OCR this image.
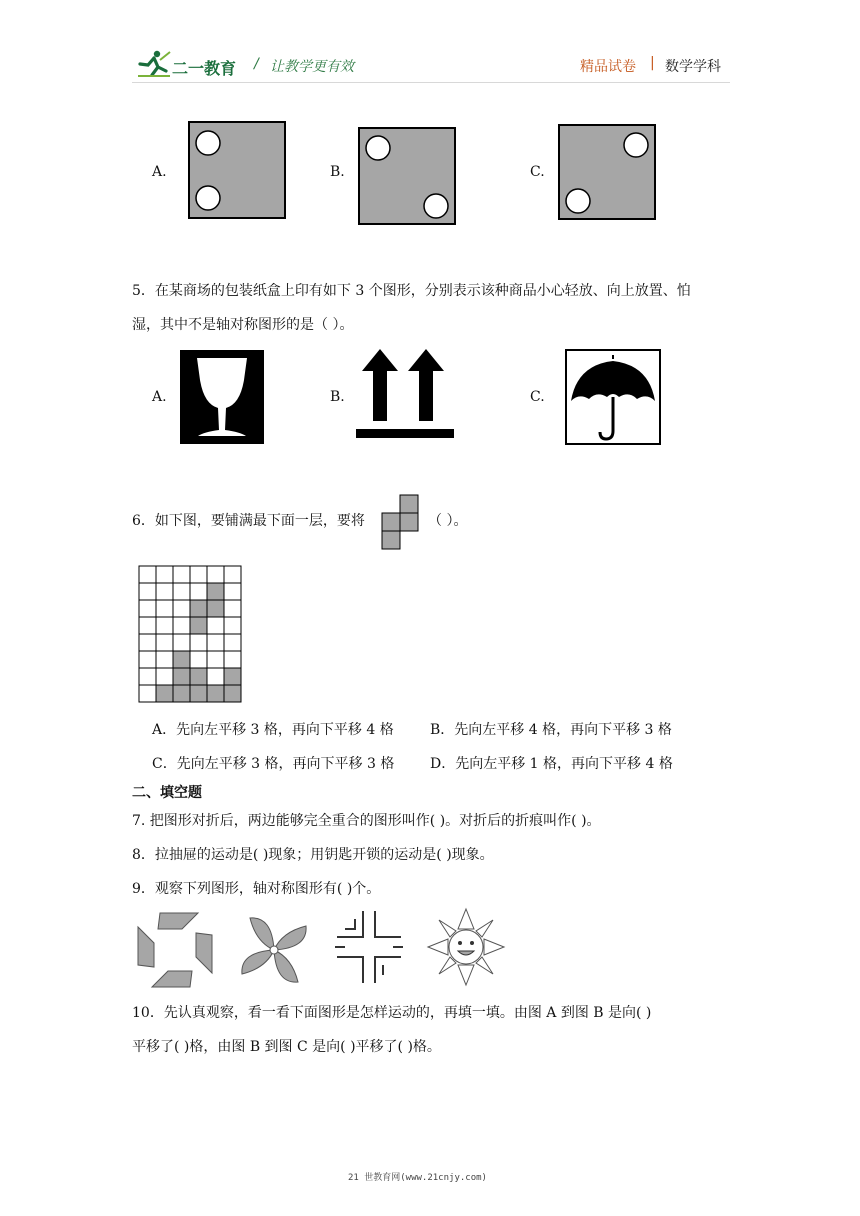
二一教育 / 让教学更有效	精品试卷 | 数学学科
A.	B.	C.
5．在某商场的包装纸盒上印有如下 3 个图形，分别表示该种商品小心轻放、向上放置、怕
湿，其中不是轴对称图形的是（ ）。
A.	B.	C.
6．如下图，要铺满最下面一层，要将	（ ）。
A．先向左平移 3 格，再向下平移 4 格	B．先向左平移 4 格，再向下平移 3 格
C．先向左平移 3 格，再向下平移 3 格	D．先向左平移 1 格，再向下平移 4 格
二、填空题
7. 把图形对折后，两边能够完全重合的图形叫作( )。对折后的折痕叫作( )。
8．拉抽屉的运动是( )现象；用钥匙开锁的运动是( )现象。
9．观察下列图形，轴对称图形有( )个。
10．先认真观察，看一看下面图形是怎样运动的，再填一填。由图 A 到图 B 是向( )
平移了( )格，由图 B 到图 C 是向( )平移了( )格。
21 世教育网(www.21cnjy.com)
